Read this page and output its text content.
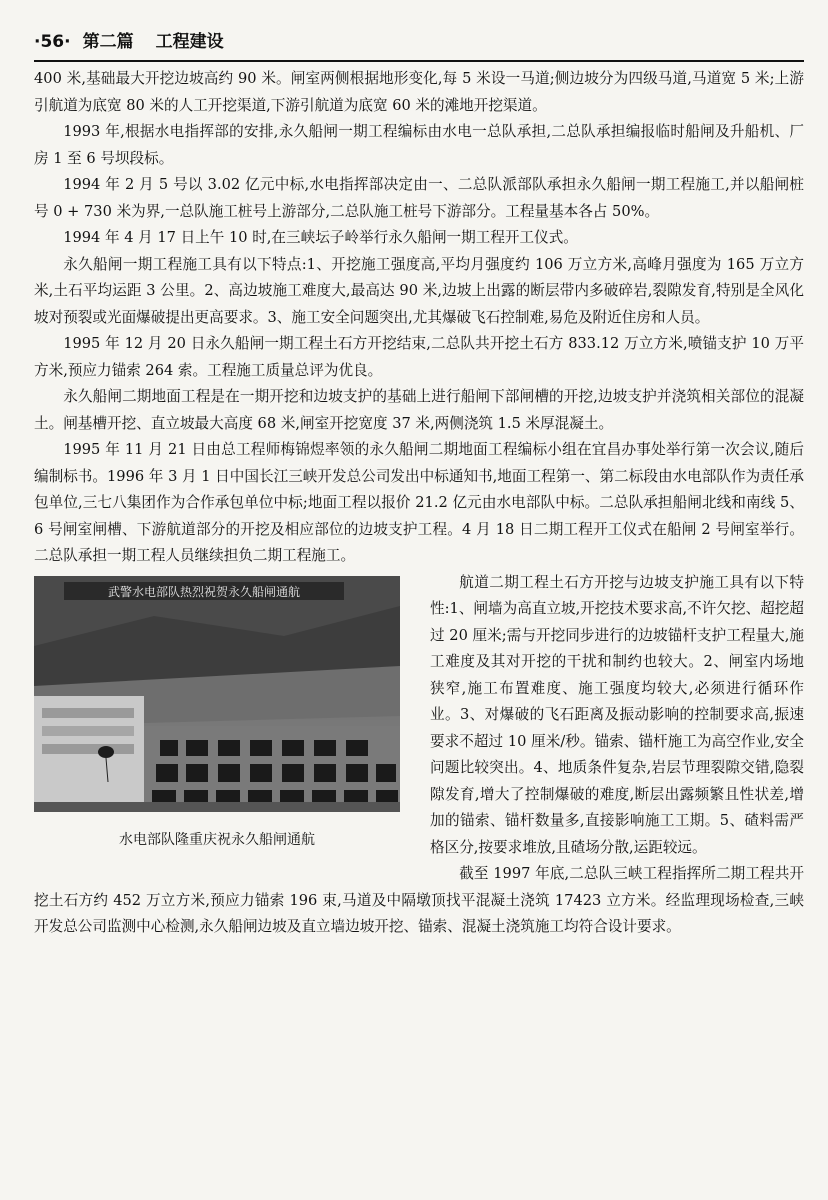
·56· 第二篇 工程建设

400 米,基础最大开挖边坡高约 90 米。闸室两侧根据地形变化,每 5 米设一马道;侧边坡分为四级马道,马道宽 5 米;上游引航道为底宽 80 米的人工开挖渠道,下游引航道为底宽 60 米的滩地开挖渠道。

1993 年,根据水电指挥部的安排,永久船闸一期工程编标由水电一总队承担,二总队承担编报临时船闸及升船机、厂房 1 至 6 号坝段标。

1994 年 2 月 5 号以 3.02 亿元中标,水电指挥部决定由一、二总队派部队承担永久船闸一期工程施工,并以船闸桩号 0 + 730 米为界,一总队施工桩号上游部分,二总队施工桩号下游部分。工程量基本各占 50%。

1994 年 4 月 17 日上午 10 时,在三峡坛子岭举行永久船闸一期工程开工仪式。

永久船闸一期工程施工具有以下特点:1、开挖施工强度高,平均月强度约 106 万立方米,高峰月强度为 165 万立方米,土石平均运距 3 公里。2、高边坡施工难度大,最高达 90 米,边坡上出露的断层带内多破碎岩,裂隙发育,特别是全风化坡对预裂或光面爆破提出更高要求。3、施工安全问题突出,尤其爆破飞石控制难,易危及附近住房和人员。

1995 年 12 月 20 日永久船闸一期工程土石方开挖结束,二总队共开挖土石方 833.12 万立方米,喷锚支护 10 万平方米,预应力锚索 264 索。工程施工质量总评为优良。

永久船闸二期地面工程是在一期开挖和边坡支护的基础上进行船闸下部闸槽的开挖,边坡支护并浇筑相关部位的混凝土。闸基槽开挖、直立坡最大高度 68 米,闸室开挖宽度 37 米,两侧浇筑 1.5 米厚混凝土。

1995 年 11 月 21 日由总工程师梅锦煜率领的永久船闸二期地面工程编标小组在宜昌办事处举行第一次会议,随后编制标书。1996 年 3 月 1 日中国长江三峡开发总公司发出中标通知书,地面工程第一、第二标段由水电部队作为责任承包单位,三七八集团作为合作承包单位中标;地面工程以报价 21.2 亿元由水电部队中标。二总队承担船闸北线和南线 5、6 号闸室闸槽、下游航道部分的开挖及相应部位的边坡支护工程。4 月 18 日二期工程开工仪式在船闸 2 号闸室举行。二总队承担一期工程人员继续担负二期工程施工。

武警水电部队热烈祝贺永久船闸通航
水电部队隆重庆祝永久船闸通航

航道二期工程土石方开挖与边坡支护施工具有以下特性:1、闸墙为高直立坡,开挖技术要求高,不许欠挖、超挖超过 20 厘米;需与开挖同步进行的边坡锚杆支护工程量大,施工难度及其对开挖的干扰和制约也较大。2、闸室内场地狭窄,施工布置难度、施工强度均较大,必须进行循环作业。3、对爆破的飞石距离及振动影响的控制要求高,振速要求不超过 10 厘米/秒。锚索、锚杆施工为高空作业,安全问题比较突出。4、地质条件复杂,岩层节理裂隙交错,隐裂隙发育,增大了控制爆破的难度,断层出露频繁且性状差,增加的锚索、锚杆数量多,直接影响施工工期。5、碴料需严格区分,按要求堆放,且碴场分散,运距较远。

截至 1997 年底,二总队三峡工程指挥所二期工程共开挖土石方约 452 万立方米,预应力锚索 196 束,马道及中隔墩顶找平混凝土浇筑 17423 立方米。经监理现场检查,三峡开发总公司监测中心检测,永久船闸边坡及直立墙边坡开挖、锚索、混凝土浇筑施工均符合设计要求。
